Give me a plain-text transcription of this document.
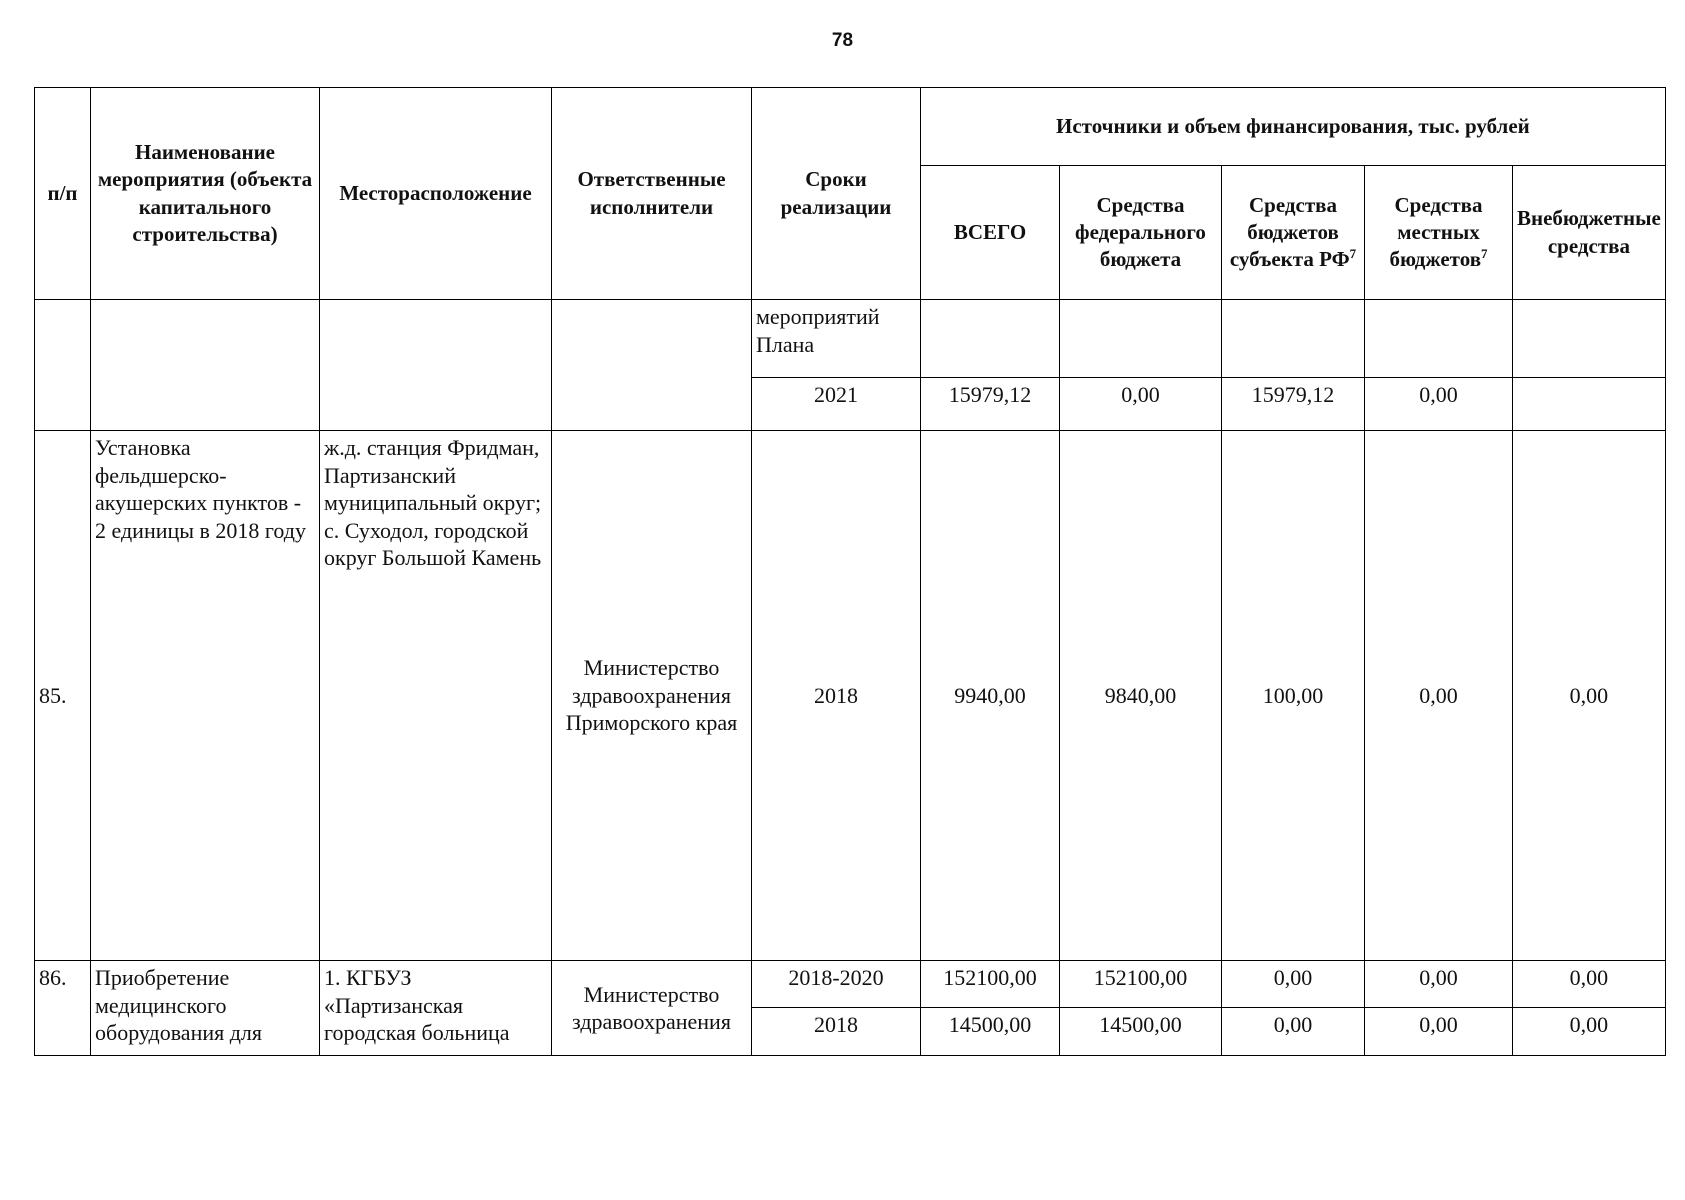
78
п/п	Наименование мероприятия (объекта капитального строительства)	Месторасположение	Ответственные исполнители	Сроки реализации	Источники и объем финансирования, тыс. рублей				
					ВСЕГО	Средства федерального бюджета	Средства бюджетов субъекта $РФ^7$	Средства местных бюджетов$^7$	Внебюджетные средства
				мероприятий Плана					
				2021	15979,12	0,00	15979,12	0,00	
85.	Установка фельдшерско-акушерских пунктов - 2 единицы в 2018 году	ж.д. станция Фридман, Партизанский муниципальный округ; с. Суходол, городской округ Большой Камень	Министерство здравоохранения Приморского края	2018	9940,00	9840,00	100,00	0,00	0,00
86.	Приобретение медицинского оборудования для	1. КГБУЗ «Партизанская городская больница	Министерство здравоохранения	2018-2020	152100,00	152100,00	0,00	0,00	0,00
				2018	14500,00	14500,00	0,00	0,00	0,00
